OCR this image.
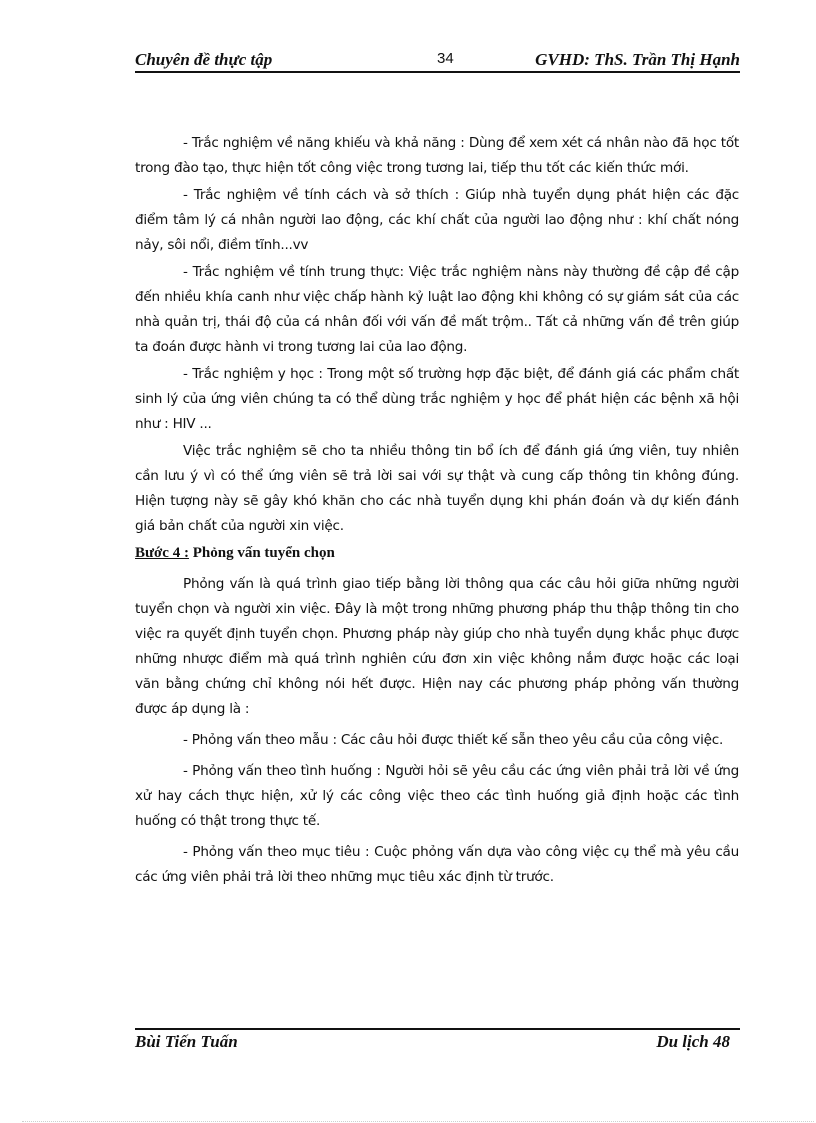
Chuyên đề thực tập	34	GVHD: ThS. Trần Thị Hạnh

- Trắc nghiệm về năng khiếu và khả năng : Dùng để xem xét cá nhân nào đã học tốt trong đào tạo, thực hiện tốt công việc trong tương lai, tiếp thu tốt các kiến thức mới.

- Trắc nghiệm về tính cách và sở thích : Giúp nhà tuyển dụng phát hiện các đặc điểm tâm lý cá nhân người lao động, các khí chất của người lao động như : khí chất nóng nảy, sôi nổi, điềm tĩnh...vv

- Trắc nghiệm về tính trung thực: Việc trắc nghiệm nàns này thường đề cập đề cập đến nhiều khía canh như việc chấp hành kỷ luật lao động khi không có sự giám sát của các nhà quản trị, thái độ của cá nhân đối với vấn đề mất trộm.. Tất cả những vấn đề trên giúp ta đoán được hành vi trong tương lai của lao động.

- Trắc nghiệm y học : Trong một số trường hợp đặc biệt, để đánh giá các phẩm chất sinh lý của ứng viên chúng ta có thể dùng trắc nghiệm y học để phát hiện các bệnh xã hội như : HIV ...

Việc trắc nghiệm sẽ cho ta nhiều thông tin bổ ích để đánh giá ứng viên, tuy nhiên cần lưu ý vì có thể ứng viên sẽ trả lời sai với sự thật và cung cấp thông tin không đúng. Hiện tượng này sẽ gây khó khăn cho các nhà tuyển dụng khi phán đoán và dự kiến đánh giá bản chất của người xin việc.

Bước 4 : Phỏng vấn tuyển chọn

Phỏng vấn là quá trình giao tiếp bằng lời thông qua các câu hỏi giữa những người tuyển chọn và người xin việc. Đây là một trong những phương pháp thu thập thông tin cho việc ra quyết định tuyển chọn. Phương pháp này giúp cho nhà tuyển dụng khắc phục được những nhược điểm mà quá trình nghiên cứu đơn xin việc không nắm được hoặc các loại văn bằng chứng chỉ không nói hết được. Hiện nay các phương pháp phỏng vấn thường được áp dụng là :

- Phỏng vấn theo mẫu : Các câu hỏi được thiết kế sẵn theo yêu cầu của công việc.

- Phỏng vấn theo tình huống : Người hỏi sẽ yêu cầu các ứng viên phải trả lời về ứng xử hay cách thực hiện, xử lý các công việc theo các tình huống giả định hoặc các tình huống có thật trong thực tế.

- Phỏng vấn theo mục tiêu : Cuộc phỏng vấn dựa vào công việc cụ thể mà yêu cầu các ứng viên phải trả lời theo những mục tiêu xác định từ trước.

Bùi Tiến Tuấn	Du lịch 48
